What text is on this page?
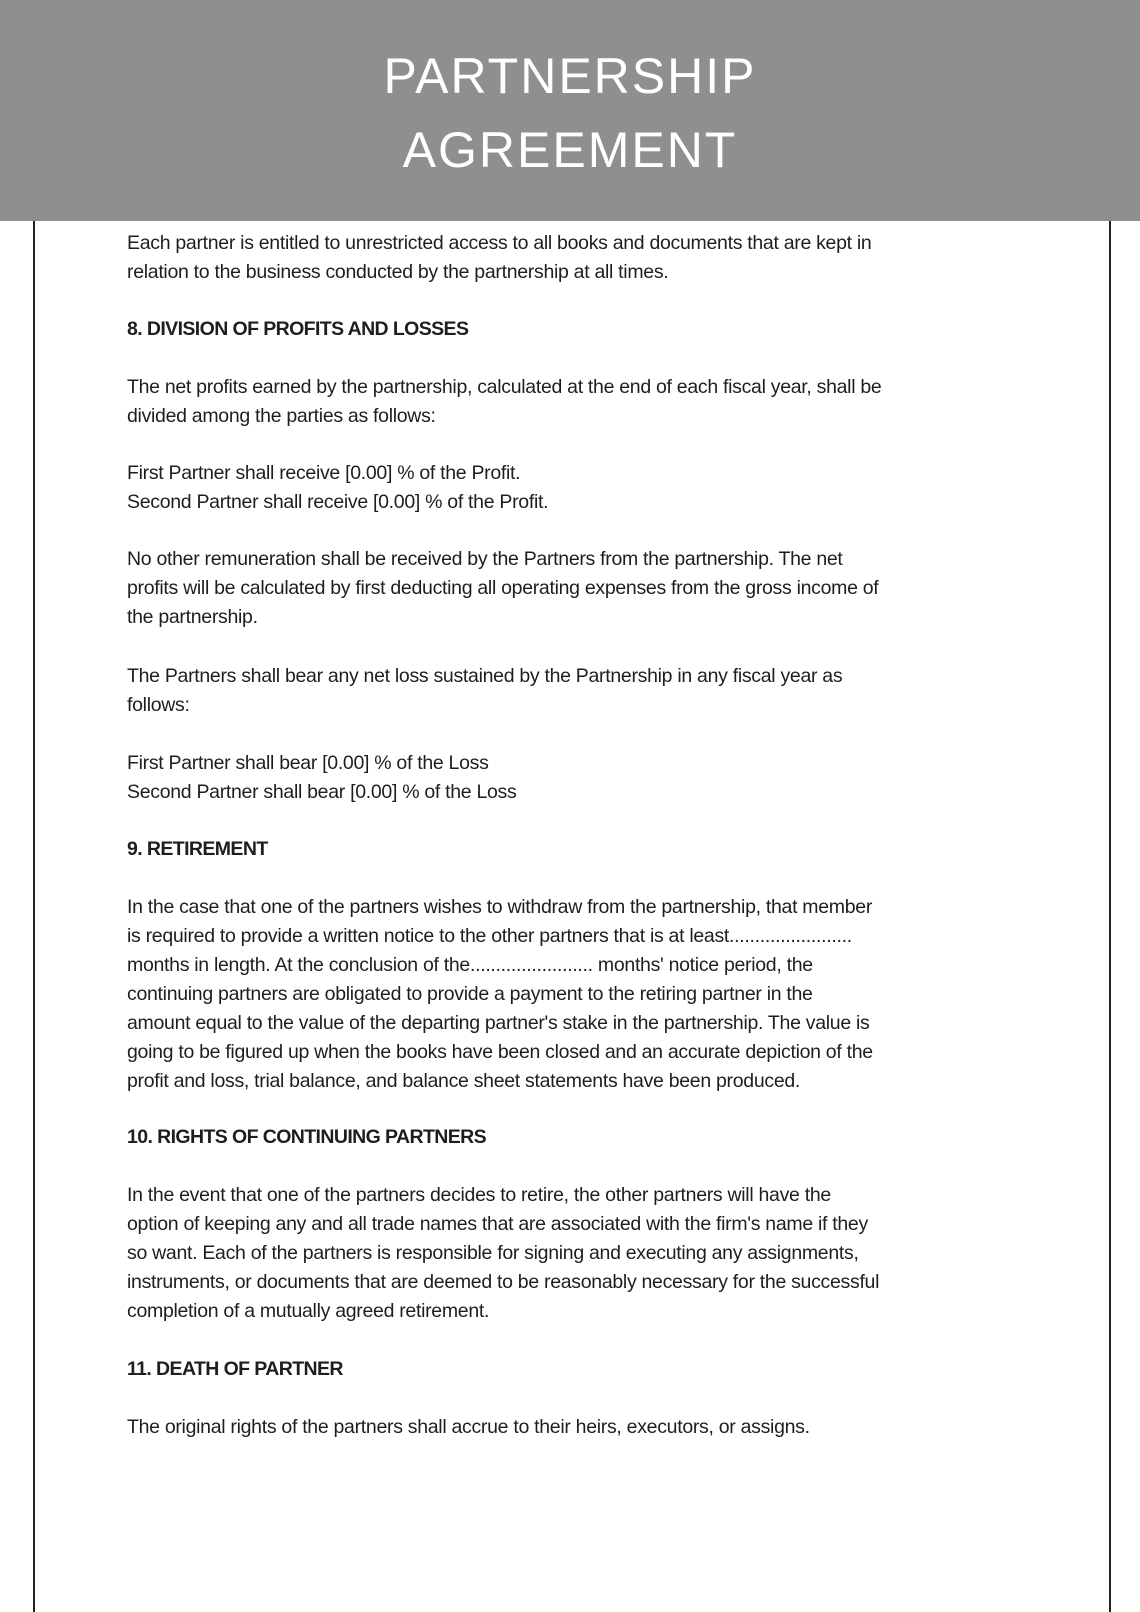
PARTNERSHIP
AGREEMENT
Each partner is entitled to unrestricted access to all books and documents that are kept in
relation to the business conducted by the partnership at all times.
8. DIVISION OF PROFITS AND LOSSES
The net profits earned by the partnership, calculated at the end of each fiscal year, shall be
divided among the parties as follows:
First Partner shall receive [0.00] % of the Profit.
Second Partner shall receive [0.00] % of the Profit.
No other remuneration shall be received by the Partners from the partnership. The net
profits will be calculated by first deducting all operating expenses from the gross income of
the partnership.
The Partners shall bear any net loss sustained by the Partnership in any fiscal year as
follows:
First Partner shall bear [0.00] % of the Loss
Second Partner shall bear [0.00] % of the Loss
9. RETIREMENT
In the case that one of the partners wishes to withdraw from the partnership, that member
is required to provide a written notice to the other partners that is at least........................
months in length. At the conclusion of the........................ months' notice period, the
continuing partners are obligated to provide a payment to the retiring partner in the
amount equal to the value of the departing partner's stake in the partnership. The value is
going to be figured up when the books have been closed and an accurate depiction of the
profit and loss, trial balance, and balance sheet statements have been produced.
10. RIGHTS OF CONTINUING PARTNERS
In the event that one of the partners decides to retire, the other partners will have the
option of keeping any and all trade names that are associated with the firm's name if they
so want. Each of the partners is responsible for signing and executing any assignments,
instruments, or documents that are deemed to be reasonably necessary for the successful
completion of a mutually agreed retirement.
11. DEATH OF PARTNER
The original rights of the partners shall accrue to their heirs, executors, or assigns.
